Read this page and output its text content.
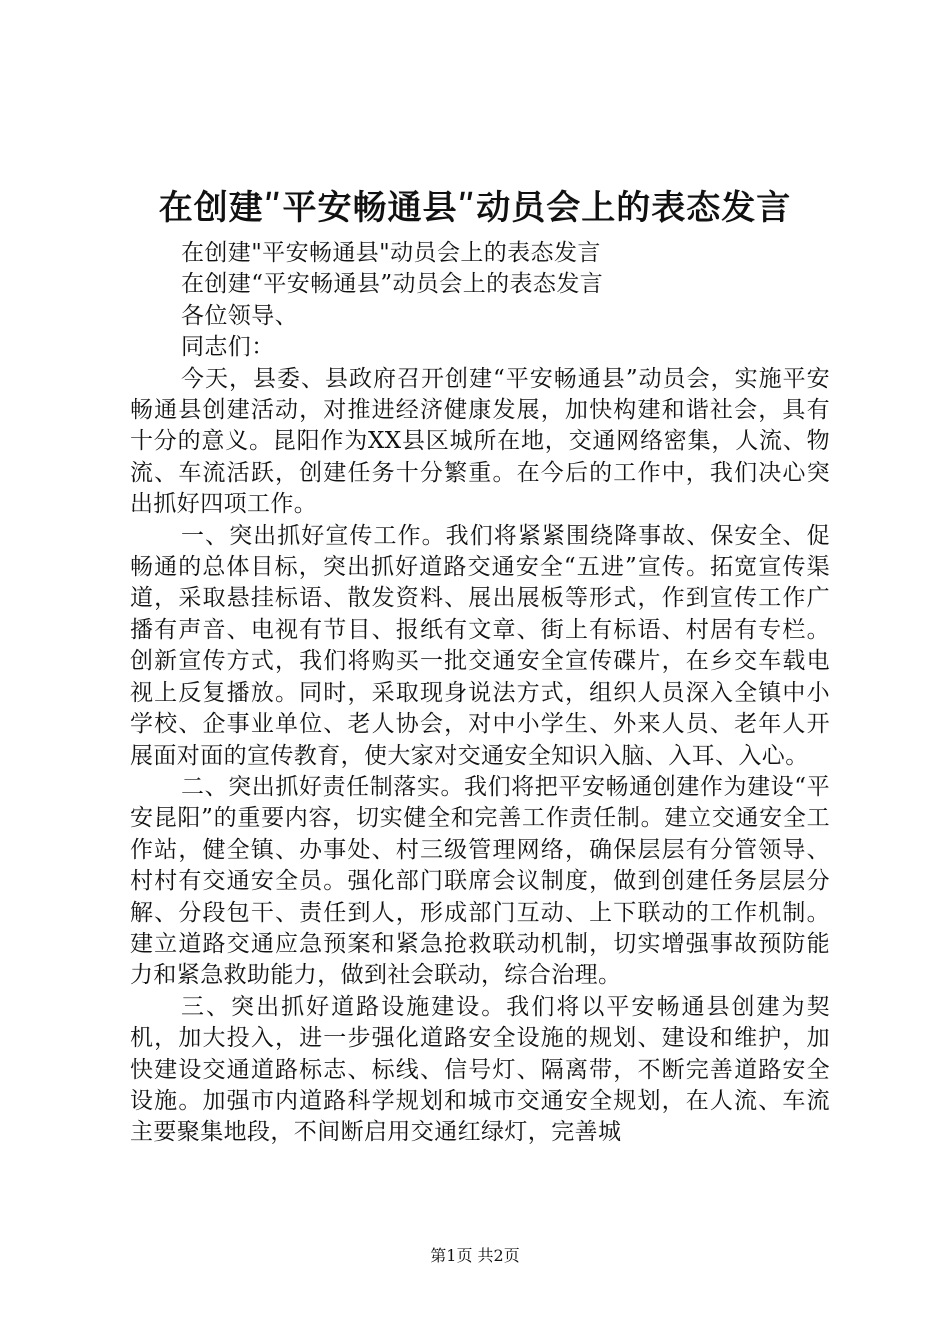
在创建ʺ平安畅通县ʺ动员会上的表态发言

在创建"平安畅通县"动员会上的表态发言

在创建“平安畅通县”动员会上的表态发言

各位领导、

同志们：

今天，县委、县政府召开创建“平安畅通县”动员会，实施平安畅通县创建活动，对推进经济健康发展，加快构建和谐社会，具有十分的意义。昆阳作为XX县区城所在地，交通网络密集，人流、物流、车流活跃，创建任务十分繁重。在今后的工作中，我们决心突出抓好四项工作。

一、突出抓好宣传工作。我们将紧紧围绕降事故、保安全、促畅通的总体目标，突出抓好道路交通安全“五进”宣传。拓宽宣传渠道，采取悬挂标语、散发资料、展出展板等形式，作到宣传工作广播有声音、电视有节目、报纸有文章、街上有标语、村居有专栏。创新宣传方式，我们将购买一批交通安全宣传碟片，在乡交车载电视上反复播放。同时，采取现身说法方式，组织人员深入全镇中小学校、企事业单位、老人协会，对中小学生、外来人员、老年人开展面对面的宣传教育，使大家对交通安全知识入脑、入耳、入心。

二、突出抓好责任制落实。我们将把平安畅通创建作为建设“平安昆阳”的重要内容，切实健全和完善工作责任制。建立交通安全工作站，健全镇、办事处、村三级管理网络，确保层层有分管领导、村村有交通安全员。强化部门联席会议制度，做到创建任务层层分解、分段包干、责任到人，形成部门互动、上下联动的工作机制。建立道路交通应急预案和紧急抢救联动机制，切实增强事故预防能力和紧急救助能力，做到社会联动，综合治理。

三、突出抓好道路设施建设。我们将以平安畅通县创建为契机，加大投入，进一步强化道路安全设施的规划、建设和维护，加快建设交通道路标志、标线、信号灯、隔离带，不断完善道路安全设施。加强市内道路科学规划和城市交通安全规划，在人流、车流主要聚集地段，不间断启用交通红绿灯，完善城

第1页 共2页
